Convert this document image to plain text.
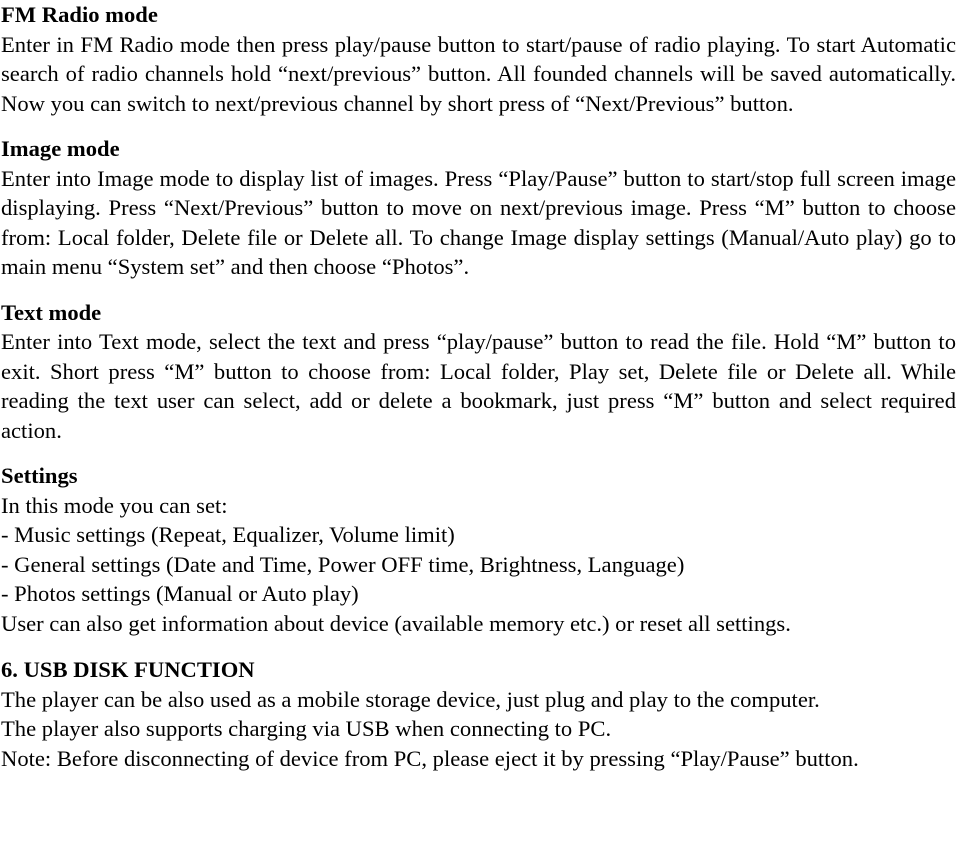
FM Radio mode

Enter in FM Radio mode then press play/pause button to start/pause of radio playing. To start Automatic search of radio channels hold “next/previous” button. All founded channels will be saved automatically. Now you can switch to next/previous channel by short press of “Next/Previous” button.

Image mode

Enter into Image mode to display list of images. Press “Play/Pause” button to start/stop full screen image displaying. Press “Next/Previous” button to move on next/previous image. Press “M” button to choose from: Local folder, Delete file or Delete all. To change Image display settings (Manual/Auto play) go to main menu “System set” and then choose “Photos”.

Text mode

Enter into Text mode, select the text and press “play/pause” button to read the file. Hold “M” button to exit. Short press “M” button to choose from: Local folder, Play set, Delete file or Delete all. While reading the text user can select, add or delete a bookmark, just press “M” button and select required action.

Settings
In this mode you can set:
- Music settings (Repeat, Equalizer, Volume limit)
- General settings (Date and Time, Power OFF time, Brightness, Language)
- Photos settings (Manual or Auto play)
User can also get information about device (available memory etc.) or reset all settings.
6. USB DISK FUNCTION
The player can be also used as a mobile storage device, just plug and play to the computer.
The player also supports charging via USB when connecting to PC.

Note: Before disconnecting of device from PC, please eject it by pressing “Play/Pause” button.
